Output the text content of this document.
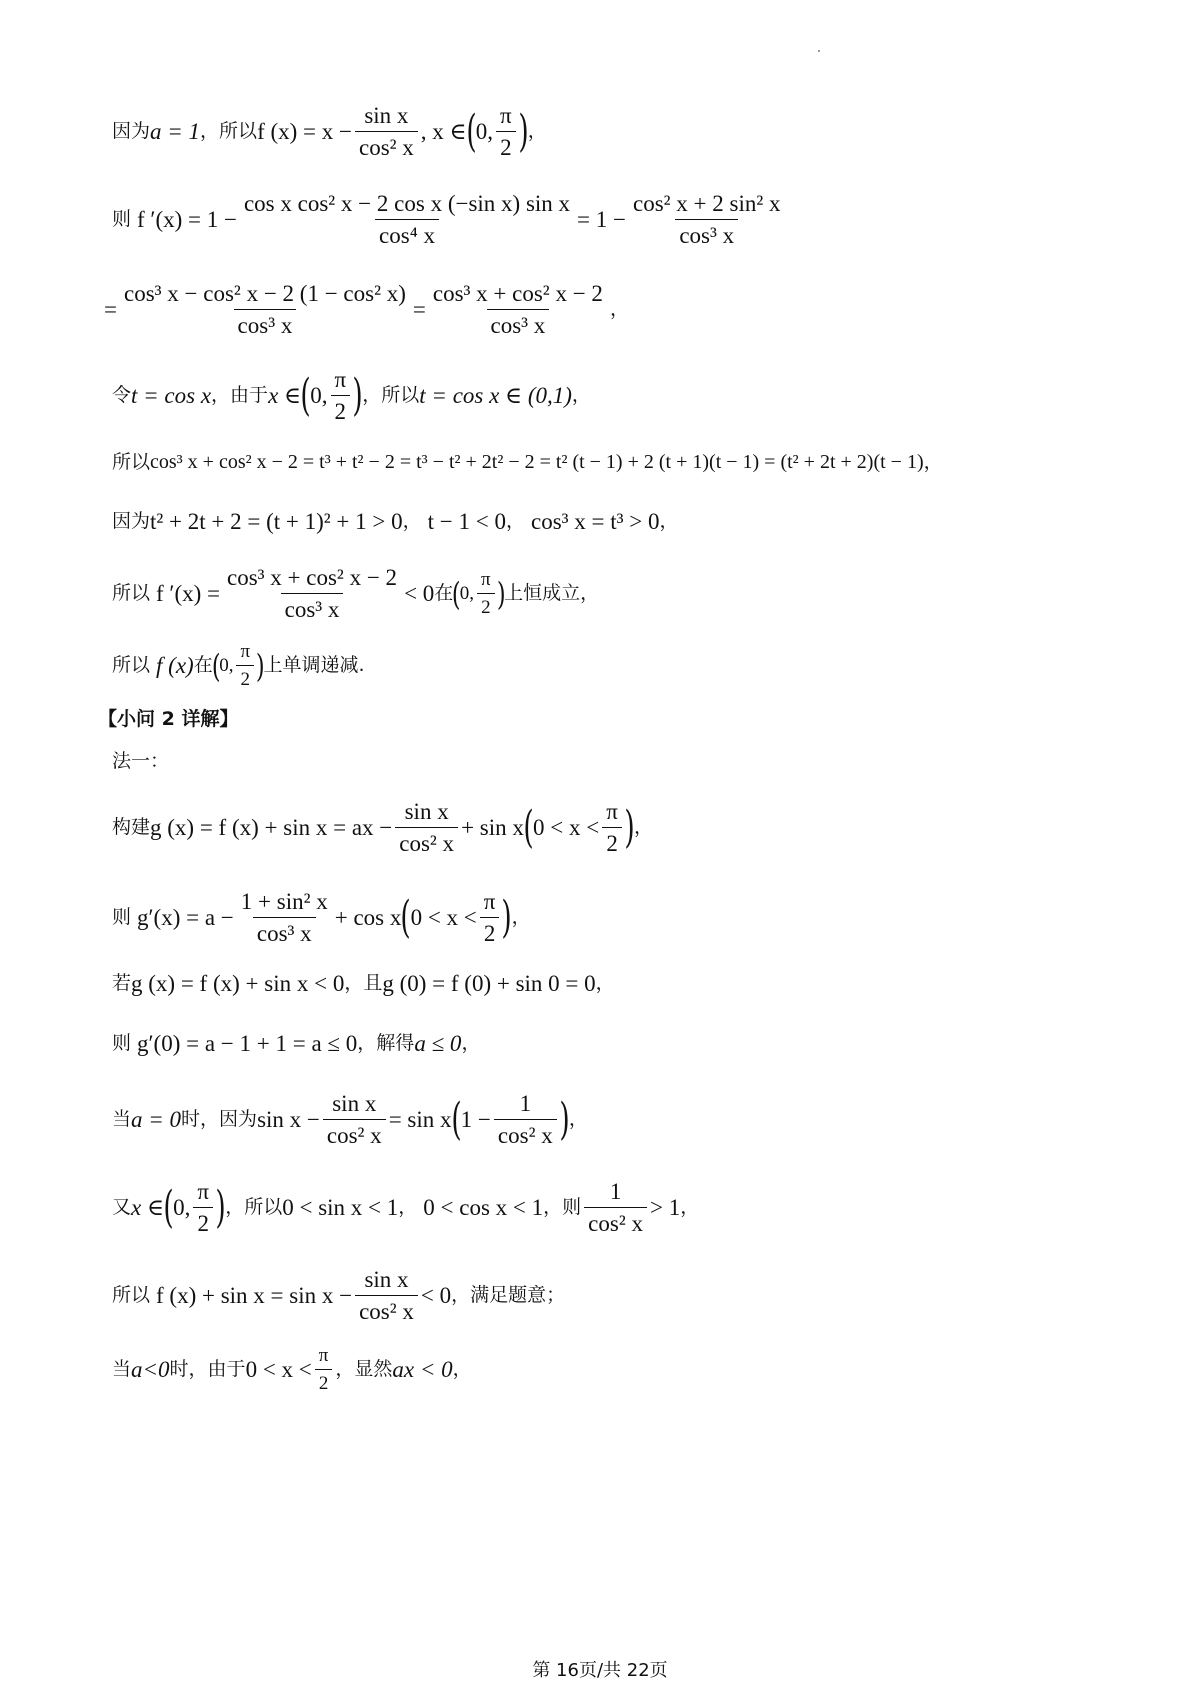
因为 a = 1 ，所以 f $(x) = x - \frac{\text{sin x}}{\text{cos² x}}$ , x ∈ ( 0, $\frac{\pi}{2}$ ) ，
则 f $'(x) = 1 - \frac{\text{cos x cos² x − 2 cos x (−sin x) sin x}}{\text{cos⁴ x}} = 1 - \frac{\text{cos² x + 2 sin² x}}{\text{cos³ x}}$
= $\frac{\text{cos³ x − cos² x − 2 (1 − cos² x)}}{\text{cos³ x}} = \frac{\text{cos³ x + cos² x − 2}}{\text{cos³ x}}$ ，
令 t = cos x ，由于 x ∈ ( 0, $\frac{\pi}{2}$ ) ，所以 t = cos x ∈ (0,1) ，
所以 cos³ x + cos² x − 2 = t³ + t² − 2 = t³ − t² + 2t² − 2 = t² (t − 1) + 2 (t + 1)(t − 1) = (t² + 2t + 2)(t − 1) ，
因为 t² + 2t + 2 = (t + 1)² + 1 > 0 ， t − 1 < 0 ， cos³ x = t³ > 0 ，
所以 f $'(x) = \frac{\text{cos³ x + cos² x − 2}}{\text{cos³ x}} < 0$ 在
(
0, $\frac{\pi}{2}$ )
上恒成立，
所以 f (x) 在
(
0, $\frac{\pi}{2}$ )
上单调递减.
【小问 2 详解】
法一：
构建 g (x) = f (x) + sin x = ax − $\frac{\text{sin x}}{\text{cos² x}} + \sin x$ ( $0 < x < \frac{\pi}{2}$ ) ，
则 $g'(x) = a - \frac{\text{1 + sin² x}}{\text{cos³ x}} + \cos x$ ( $0 < x < \frac{\pi}{2}$ ) ，
若 g (x) = f (x) + sin x < 0 ，且 g (0) = f (0) + sin 0 = 0 ，
则 g′(0) = a − 1 + 1 = a ≤ 0 ，解得 a ≤ 0 ，
当 a = 0 时，因为 $\sin x - \frac{\text{sin x}}{\text{cos² x}} = \sin x$ ( $1 - \frac{1}{\text{cos² x}}$ ) ，
又 x ∈ ( 0, $\frac{\pi}{2}$ ) ，所以 0 < sin x < 1 ， 0 < cos x < 1 ，则 $\frac{1}{\text{cos² x}} > 1$ ，
所以 f $(x) + \sin x = \sin x - \frac{\text{sin x}}{\text{cos² x}} < 0$ ，满足题意；
当 a<0 时，由于 $0 < x < \frac{\pi}{2}$ ，显然 ax < 0 ，
第 16页/共 22页
